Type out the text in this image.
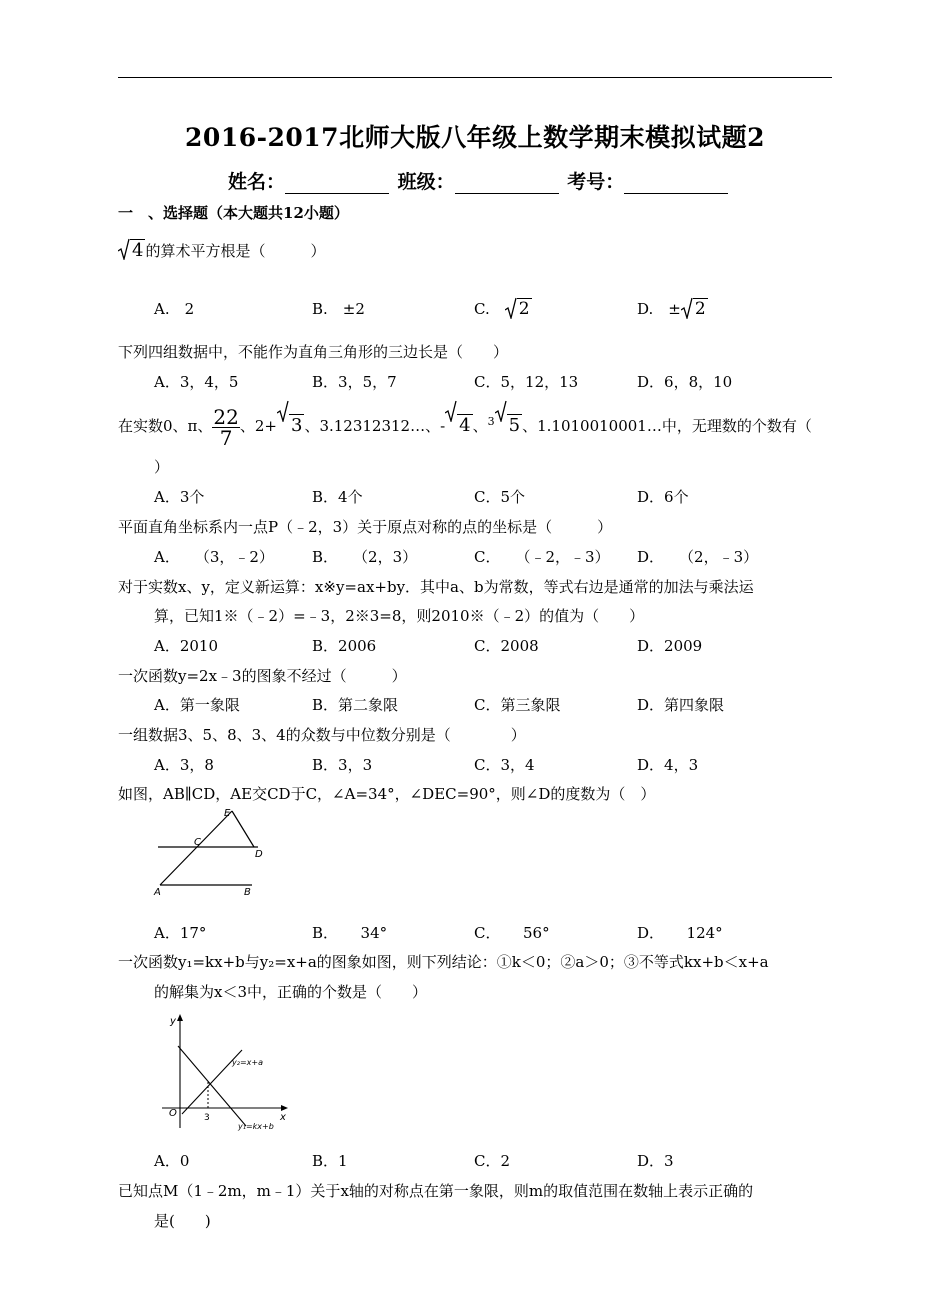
2016-2017北师大版八年级上数学期末模拟试题2
姓名：	班级：	考号：
一　、选择题（本大题共12小题）
4 的算术平方根是（　　　）
A.　2	B.　±2	C.　 2	D.　± 2
下列四组数据中，不能作为直角三角形的三边长是（　　）
A．3，4，5	B．3，5，7	C．5，12，13	D．6，8，10
在实数0、π、 $\frac{22}{7}$ 、2+ 3 、3.12312312…、- 4 、$^3$ 5 、1.1010010001…中，无理数的个数有（
）
A．3个	B．4个	C．5个	D．6个
平面直角坐标系内一点P（﹣2，3）关于原点对称的点的坐标是（　　　）
A．　　（3，﹣2）	B．　　（2，3）	C．　　（﹣2，﹣3） D．　　（2，﹣3）
对于实数x、y，定义新运算：x※y=ax+by．其中a、b为常数，等式右边是通常的加法与乘法运
算，已知1※（﹣2）=﹣3，2※3=8，则2010※（﹣2）的值为（　　）
A．2010	B．2006	C．2008	D．2009
一次函数y=2x﹣3的图象不经过（　　　）
A．第一象限	B．第二象限	C．第三象限	D．第四象限
一组数据3、5、8、3、4的众数与中位数分别是（　　　　）
A．3，8	B．3，3	C．3，4	D．4，3
如图，AB∥CD，AE交CD于C，∠A=34°，∠DEC=90°，则∠D的度数为（　）
E
C
D
A	B
A．17°	B．　　34°	C．　　56°	D．　　124°
一次函数y₁=kx+b与y₂=x+a的图象如图，则下列结论：①k＜0；②a＞0；③不等式kx+b＜x+a
的解集为x＜3中，正确的个数是（　　）
y
x
O	3
y₂=x+a
y₁=kx+b
A．0	B．1	C．2	D．3
已知点M（1﹣2m，m﹣1）关于x轴的对称点在第一象限，则m的取值范围在数轴上表示正确的
是(　　)
